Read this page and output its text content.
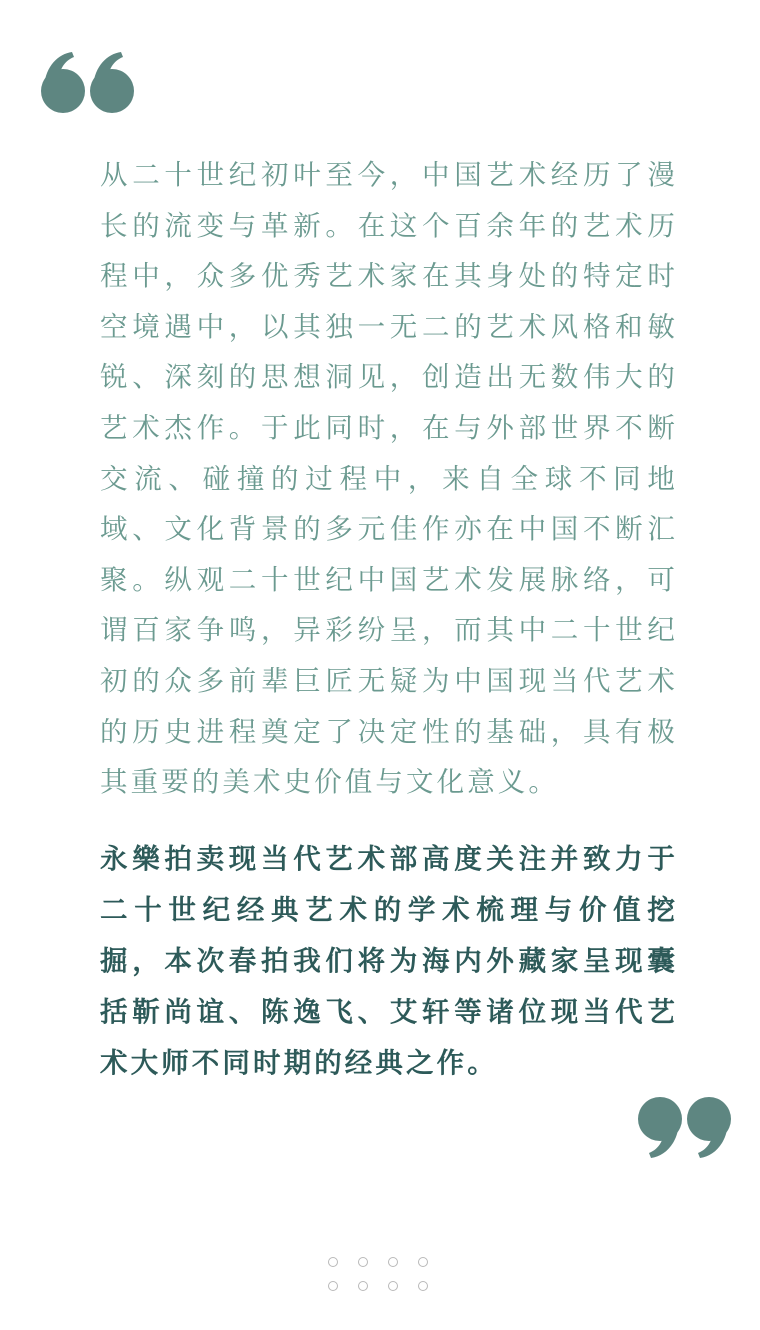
从二十世纪初叶至今，中国艺术经历了漫长的流变与革新。在这个百余年的艺术历程中，众多优秀艺术家在其身处的特定时空境遇中，以其独一无二的艺术风格和敏锐、深刻的思想洞见，创造出无数伟大的艺术杰作。于此同时，在与外部世界不断交流、碰撞的过程中，来自全球不同地域、文化背景的多元佳作亦在中国不断汇聚。纵观二十世纪中国艺术发展脉络，可谓百家争鸣，异彩纷呈，而其中二十世纪初的众多前辈巨匠无疑为中国现当代艺术的历史进程奠定了决定性的基础，具有极其重要的美术史价值与文化意义。

永樂拍卖现当代艺术部高度关注并致力于二十世纪经典艺术的学术梳理与价值挖掘，本次春拍我们将为海内外藏家呈现囊括靳尚谊、陈逸飞、艾轩等诸位现当代艺术大师不同时期的经典之作。
